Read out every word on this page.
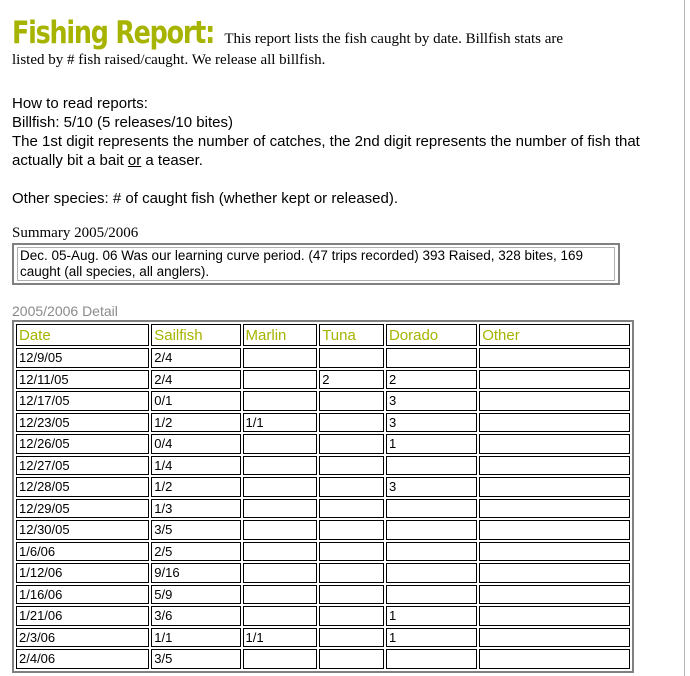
Fishing Report: This report lists the fish caught by date. Billfish stats are
listed by # fish raised/caught. We release all billfish.

How to read reports:

Billfish: 5/10 (5 releases/10 bites)

The 1st digit represents the number of catches, the 2nd digit represents the number of fish that actually bit a bait or a teaser.

Other species: # of caught fish (whether kept or released).

Summary 2005/2006
Dec. 05-Aug. 06 Was our learning curve period. (47 trips recorded) 393 Raised, 328 bites, 169 caught (all species, all anglers).
2005/2006 Detail
Date	Sailfish	Marlin	Tuna	Dorado	Other
12/9/05	2/4				
12/11/05	2/4		2	2	
12/17/05	0/1			3	
12/23/05	1/2	1/1		3	
12/26/05	0/4			1	
12/27/05	1/4				
12/28/05	1/2			3	
12/29/05	1/3				
12/30/05	3/5				
1/6/06	2/5				
1/12/06	9/16				
1/16/06	5/9				
1/21/06	3/6			1	
2/3/06	1/1	1/1		1	
2/4/06	3/5				
